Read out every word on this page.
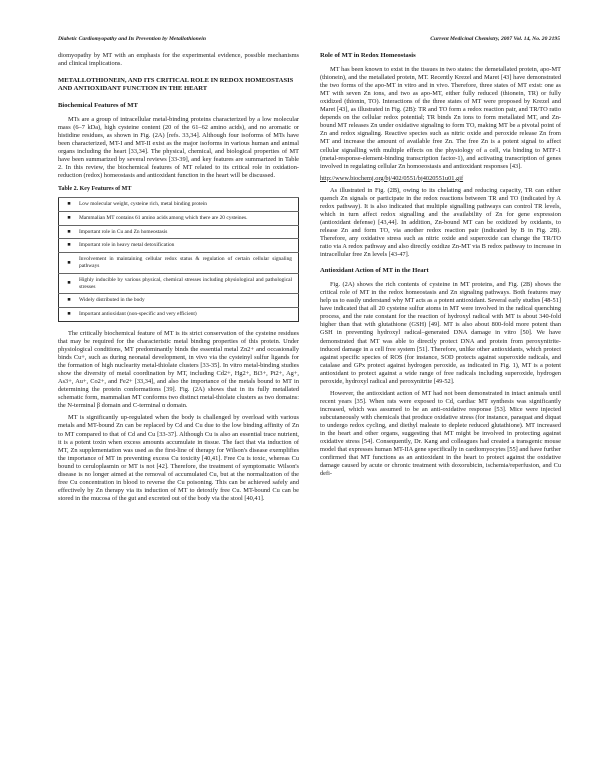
Diabetic Cardiomyopathy and Its Prevention by Metallothionein	Current Medicinal Chemistry, 2007 Vol. 14, No. 20 2195

diomyopathy by MT with an emphasis for the experimental evidence, possible mechanisms and clinical implications.

METALLOTHIONEIN, AND ITS CRITICAL ROLE IN REDOX HOMEOSTASIS AND ANTIOXIDANT FUNCTION IN THE HEART
Biochemical Features of MT

MTs are a group of intracellular metal-binding proteins characterized by a low molecular mass (6–7 kDa), high cysteine content (20 of the 61–62 amino acids), and no aromatic or histidine residues, as shown in Fig. (2A) [refs. 33,34]. Although four isoforms of MTs have been characterized, MT-I and MT-II exist as the major isoforms in various human and animal organs including the heart [33,34]. The physical, chemical, and biological properties of MT have been summarized by several reviews [33-39], and key features are summarized in Table 2. In this review, the biochemical features of MT related to its critical role in oxidation-reduction (redox) homeostasis and antioxidant function in the heart will be discussed.

Table 2. Key Features of MT
■	Low molecular weight, cysteine rich, metal binding protein
■	Mammalian MT contains 61 amino acids among which there are 20 cysteines.
■	Important role in Cu and Zn homeostasis
■	Important role in heavy metal detoxification
■	Involvement in maintaining cellular redox status & regulation of certain cellular signaling pathways
■	Highly inducible by various physical, chemical stresses including physiological and pathological stresses
■	Widely distributed in the body
■	Important antioxidant (non-specific and very efficient)

The critically biochemical feature of MT is its strict conservation of the cysteine residues that may be required for the characteristic metal binding properties of this protein. Under physiological conditions, MT predominantly binds the essential metal Zn2+ and occasionally binds Cu+, such as during neonatal development, in vivo via the cysteinyl sulfur ligands for the formation of high nuclearity metal-thiolate clusters [33-35]. In vitro metal-binding studies show the diversity of metal coordination by MT, including Cd2+, Hg2+, Bi3+, Pt2+, Ag+, As3+, Au+, Co2+, and Fe2+ [33,34], and also the importance of the metals bound to MT in determining the protein conformations [39]. Fig. (2A) shows that in its fully metallated schematic form, mammalian MT conforms two distinct metal-thiolate clusters as two domains: the N-terminal β domain and C-terminal α domain.

MT is significantly up-regulated when the body is challenged by overload with various metals and MT-bound Zn can be replaced by Cd and Cu due to the low binding affinity of Zn to MT compared to that of Cd and Cu [33-37]. Although Cu is also an essential trace nutrient, it is a potent toxin when excess amounts accumulate in tissue. The fact that via induction of MT, Zn supplementation was used as the first-line of therapy for Wilson's disease exemplifies the importance of MT in preventing excess Cu toxicity [40,41]. Free Cu is toxic, whereas Cu bound to ceruloplasmin or MT is not [42]. Therefore, the treatment of symptomatic Wilson's disease is no longer aimed at the removal of accumulated Cu, but at the normalization of the free Cu concentration in blood to reverse the Cu poisoning. This can be achieved safely and effectively by Zn therapy via its induction of MT to detoxify free Cu. MT-bound Cu can be stored in the mucosa of the gut and excreted out of the body via the stool [40,41].

Role of MT in Redox Homeostasis

MT has been known to exist in the tissues in two states: the demetallated protein, apo-MT (thionein), and the metallated protein, MT. Recently Krezel and Maret [43] have demonstrated the two forms of the apo-MT in vitro and in vivo. Therefore, three states of MT exist: one as MT with seven Zn ions, and two as apo-MT, either fully reduced (thionein, TR) or fully oxidized (thionin, TO). Interactions of the three states of MT were proposed by Krezel and Maret [43], as illustrated in Fig. (2B): TR and TO form a redox reaction pair, and TR/TO ratio depends on the cellular redox potential; TR binds Zn ions to form metallated MT, and Zn-bound MT releases Zn under oxidative signaling to form TO, making MT be a pivotal point of Zn and redox signaling. Reactive species such as nitric oxide and peroxide release Zn from MT and increase the amount of available free Zn. The free Zn is a potent signal to affect cellular signalling with multiple effects on the physiology of a cell, via binding to MTF-1 (metal-response-element-binding transcription factor-1), and activating transcription of genes involved in regulating cellular Zn homoeostasis and antioxidant responses [43].

http://www.biochemj.org/bj/402/0551/bj4020551u01.gif

As illustrated in Fig. (2B), owing to its chelating and reducing capacity, TR can either quench Zn signals or participate in the redox reactions between TR and TO (indicated by A redox pathway). It is also indicated that multiple signalling pathways can control TR levels, which in turn affect redox signalling and the availability of Zn for gene expression (antioxidant defense) [43,44]. In addition, Zn-bound MT can be oxidized by oxidants, to release Zn and form TO, via another redox reaction pair (indicated by B in Fig. 2B). Therefore, any oxidative stress such as nitric oxide and superoxide can change the TR/TO ratio via A redox pathway and also directly oxidize Zn-MT via B redox pathway to increase in intracellular free Zn levels [43-47].

Antioxidant Action of MT in the Heart

Fig. (2A) shows the rich contents of cysteine in MT proteins, and Fig. (2B) shows the critical role of MT in the redox homeostasis and Zn signaling pathways. Both features may help us to easily understand why MT acts as a potent antioxidant. Several early studies [48-51] have indicated that all 20 cysteine sulfur atoms in MT were involved in the radical quenching process, and the rate constant for the reaction of hydroxyl radical with MT is about 340-fold higher than that with glutathione (GSH) [49]. MT is also about 800-fold more potent than GSH in preventing hydroxyl radical–generated DNA damage in vitro [50]. We have demonstrated that MT was able to directly protect DNA and protein from peroxynitrite-induced damage in a cell free system [51]. Therefore, unlike other antioxidants, which protect against specific species of ROS (for instance, SOD protects against superoxide radicals, and catalase and GPx protect against hydrogen peroxide, as indicated in Fig. 1), MT is a potent antioxidant to protect against a wide range of free radicals including superoxide, hydrogen peroxide, hydroxyl radical and peroxynitrite [49-52].

However, the antioxidant action of MT had not been demonstrated in intact animals until recent years [35]. When rats were exposed to Cd, cardiac MT synthesis was significantly increased, which was assumed to be an anti-oxidative response [53]. Mice were injected subcutaneously with chemicals that produce oxidative stress (for instance, paraquat and diquat to undergo redox cycling, and diethyl maleate to deplete reduced glutathione). MT increased in the heart and other organs, suggesting that MT might be involved in protecting against oxidative stress [54]. Consequently, Dr. Kang and colleagues had created a transgenic mouse model that expresses human MT-IIA gene specifically in cardiomyocytes [55] and have further confirmed that MT functions as an antioxidant in the heart to protect against the oxidative damage caused by acute or chronic treatment with doxorubicin, ischemia/reperfusion, and Cu defi-
